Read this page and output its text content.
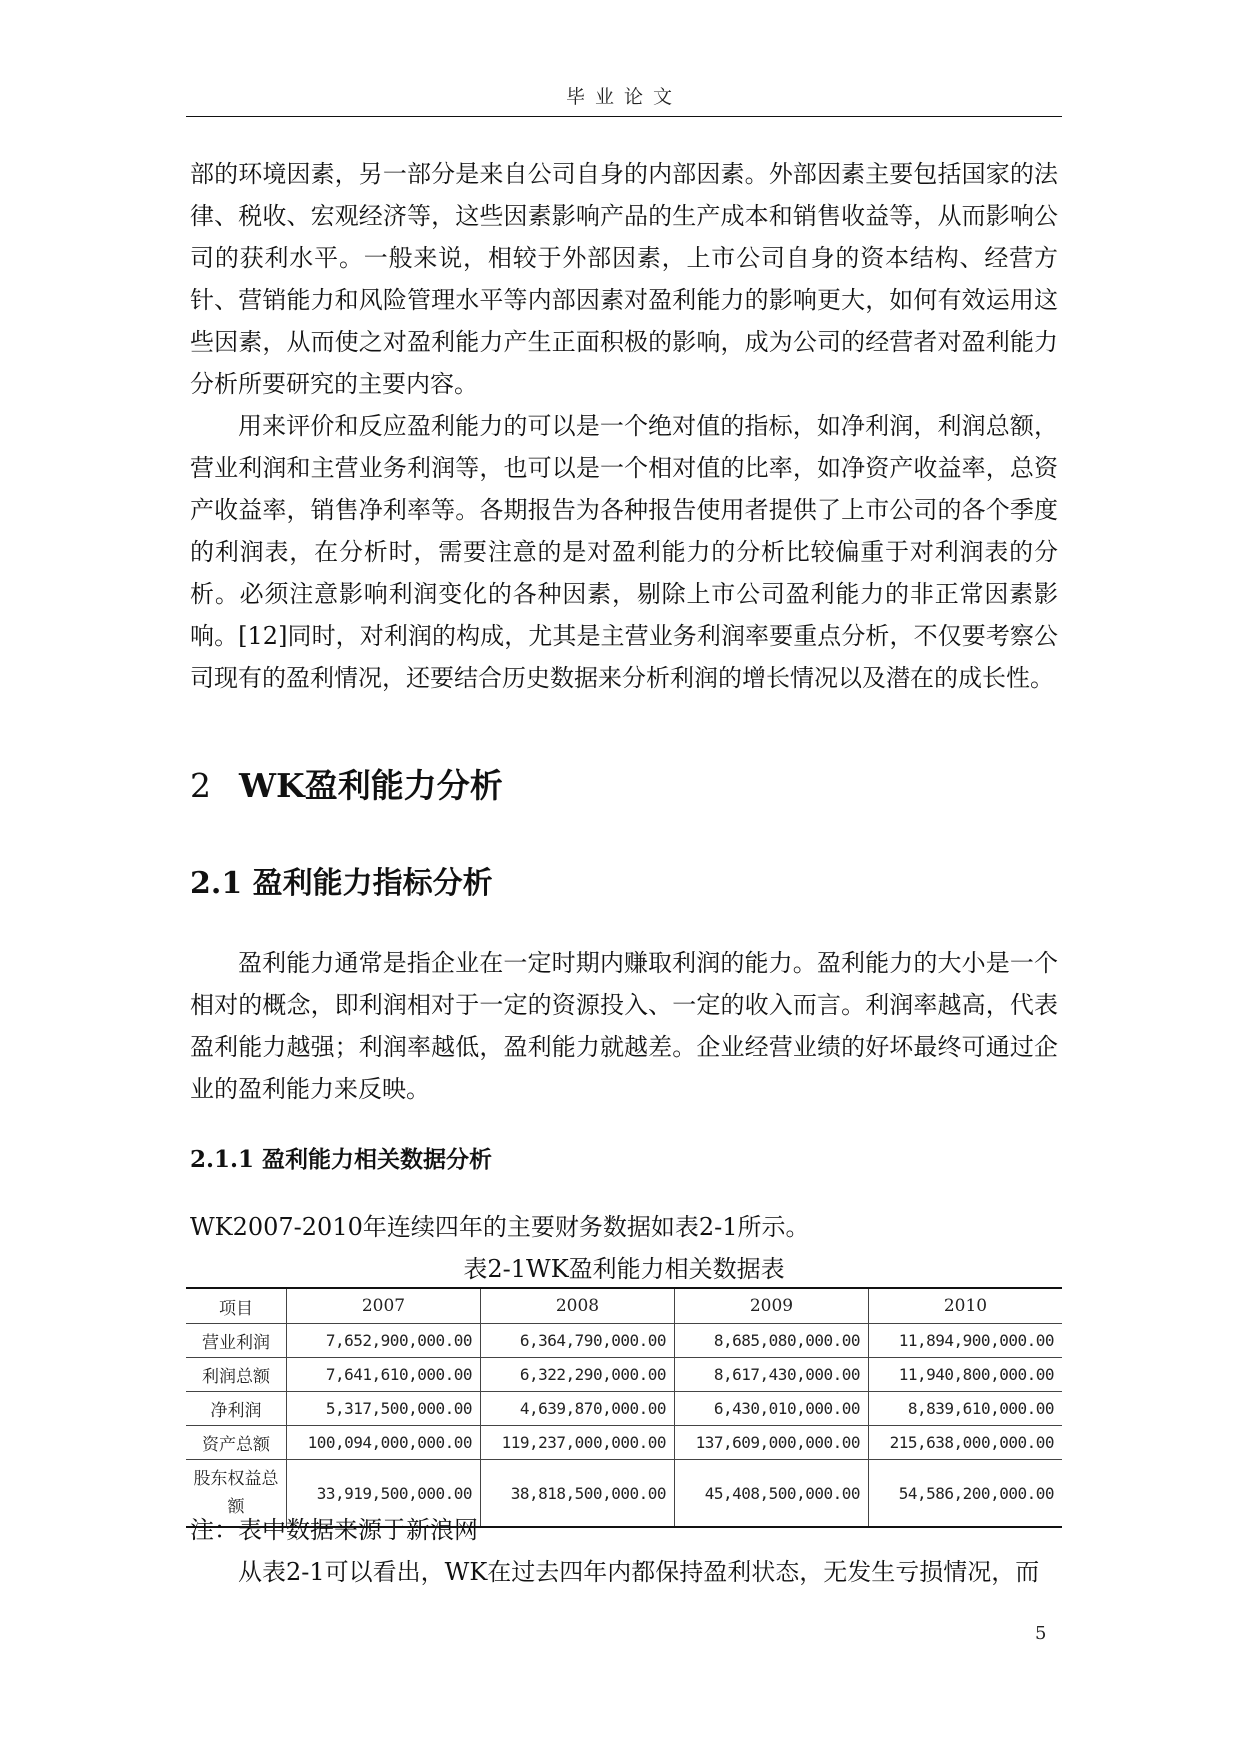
毕业论文

部的环境因素，另一部分是来自公司自身的内部因素。外部因素主要包括国家的法律、税收、宏观经济等，这些因素影响产品的生产成本和销售收益等，从而影响公司的获利水平。一般来说，相较于外部因素，上市公司自身的资本结构、经营方针、营销能力和风险管理水平等内部因素对盈利能力的影响更大，如何有效运用这些因素，从而使之对盈利能力产生正面积极的影响，成为公司的经营者对盈利能力分析所要研究的主要内容。

用来评价和反应盈利能力的可以是一个绝对值的指标，如净利润，利润总额，营业利润和主营业务利润等，也可以是一个相对值的比率，如净资产收益率，总资产收益率，销售净利率等。各期报告为各种报告使用者提供了上市公司的各个季度的利润表，在分析时，需要注意的是对盈利能力的分析比较偏重于对利润表的分析。必须注意影响利润变化的各种因素，剔除上市公司盈利能力的非正常因素影响。[12]同时，对利润的构成，尤其是主营业务利润率要重点分析，不仅要考察公司现有的盈利情况，还要结合历史数据来分析利润的增长情况以及潜在的成长性。

2 WK盈利能力分析
2.1 盈利能力指标分析

盈利能力通常是指企业在一定时期内赚取利润的能力。盈利能力的大小是一个相对的概念，即利润相对于一定的资源投入、一定的收入而言。利润率越高，代表盈利能力越强；利润率越低，盈利能力就越差。企业经营业绩的好坏最终可通过企业的盈利能力来反映。

2.1.1 盈利能力相关数据分析

WK2007-2010年连续四年的主要财务数据如表2-1所示。

表2-1WK盈利能力相关数据表

项目	2007	2008	2009	2010
营业利润	7,652,900,000.00	6,364,790,000.00	8,685,080,000.00	11,894,900,000.00
利润总额	7,641,610,000.00	6,322,290,000.00	8,617,430,000.00	11,940,800,000.00
净利润	5,317,500,000.00	4,639,870,000.00	6,430,010,000.00	8,839,610,000.00
资产总额	100,094,000,000.00	119,237,000,000.00	137,609,000,000.00	215,638,000,000.00
股东权益总额	33,919,500,000.00	38,818,500,000.00	45,408,500,000.00	54,586,200,000.00

注：表中数据来源于新浪网

从表2-1可以看出，WK在过去四年内都保持盈利状态，无发生亏损情况，而

5
